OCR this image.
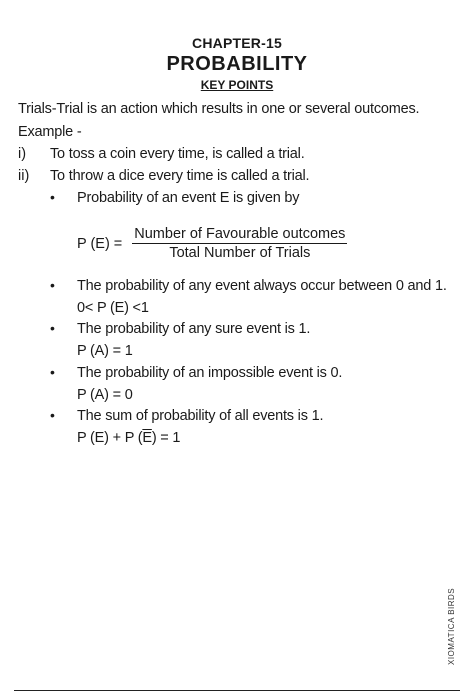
CHAPTER-15
PROBABILITY
KEY POINTS
Trials-Trial is an action which results in one or several outcomes.
Example -
i) To toss a coin every time, is called a trial.
ii) To throw a dice every time is called a trial.
• Probability of an event E is given by
P $(E) = \frac{\text{Number of Favourable outcomes}}{\text{Total Number of Trials}}$
• The probability of any event always occur between 0 and 1.
0< P (E) <1
• The probability of any sure event is 1.
P (A) = 1
• The probability of an impossible event is 0.
P (A) = 0
• The sum of probability of all events is 1.
P (E) + P $(\overline{E}) = 1$
XIOMATICA BIRDS
